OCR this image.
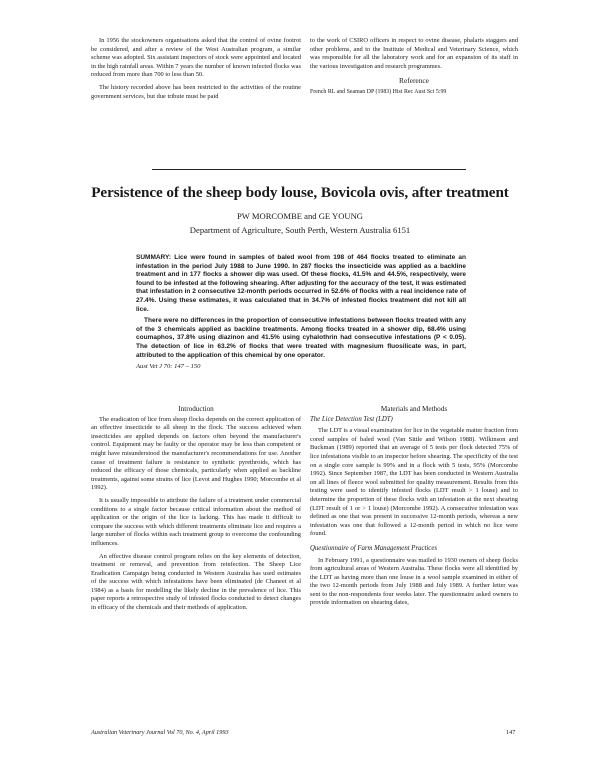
In 1956 the stockowners organisations asked that the control of ovine footrot be considered, and after a review of the West Australian program, a similar scheme was adopted. Six assistant inspectors of stock were appointed and located in the high rainfall areas. Within 7 years the number of known infected flocks was reduced from more than 700 to less than 50.

The history recorded above has been restricted to the activities of the routine government services, but due tribute must be paid

to the work of CSIRO officers in respect to ovine disease, phalaris staggers and other problems, and to the Institute of Medical and Veterinary Science, which was responsible for all the laboratory work and for an expansion of its staff in the various investigation and research programmes.

Reference

French RL and Seaman DP (1983) Hist Rec Aust Sci 5:99

Persistence of the sheep body louse, Bovicola ovis, after treatment
PW MORCOMBE and GE YOUNG
Department of Agriculture, South Perth, Western Australia 6151

SUMMARY: Lice were found in samples of baled wool from 198 of 464 flocks treated to eliminate an infestation in the period July 1988 to June 1990. In 287 flocks the insecticide was applied as a backline treatment and in 177 flocks a shower dip was used. Of these flocks, 41.5% and 44.5%, respectively, were found to be infested at the following shearing. After adjusting for the accuracy of the test, it was estimated that infestation in 2 consecutive 12-month periods occurred in 52.6% of flocks with a real incidence rate of 27.4%. Using these estimates, it was calculated that in 34.7% of infested flocks treatment did not kill all lice.

There were no differences in the proportion of consecutive infestations between flocks treated with any of the 3 chemicals applied as backline treatments. Among flocks treated in a shower dip, 68.4% using coumaphos, 37.8% using diazinon and 41.5% using cyhalothrin had consecutive infestations (P < 0.05). The detection of lice in 63.2% of flocks that were treated with magnesium fluosilicate was, in part, attributed to the application of this chemical by one operator.

Aust Vet J 70: 147 – 150
Introduction

The eradication of lice from sheep flocks depends on the correct application of an effective insecticide to all sheep in the flock. The success achieved when insecticides are applied depends on factors often beyond the manufacturer's control. Equipment may be faulty or the operator may be less than competent or might have misunderstood the manufacturer's recommendations for use. Another cause of treatment failure is resistance to synthetic pyrethroids, which has reduced the efficacy of those chemicals, particularly when applied as backline treatments, against some strains of lice (Levot and Hughes 1990; Morcombe et al 1992).

It is usually impossible to attribute the failure of a treatment under commercial conditions to a single factor because critical information about the method of application or the origin of the lice is lacking. This has made it difficult to compare the success with which different treatments eliminate lice and requires a large number of flocks within each treatment group to overcome the confounding influences.

An effective disease control program relies on the key elements of detection, treatment or removal, and prevention from reinfection. The Sheep Lice Eradication Campaign being conducted in Western Australia has used estimates of the success with which infestations have been eliminated (de Chaneet et al 1984) as a basis for modelling the likely decline in the prevalence of lice. This paper reports a retrospective study of infested flocks conducted to detect changes in efficacy of the chemicals and their methods of application.

Materials and Methods
The Lice Detection Test (LDT)

The LDT is a visual examination for lice in the vegetable matter fraction from cored samples of baled wool (Van Sittle and Wilson 1988). Wilkinson and Buckman (1989) reported that an average of 5 tests per flock detected 75% of lice infestations visible to an inspector before shearing. The specificity of the test on a single core sample is 99% and in a flock with 5 tests, 95% (Morcombe 1992). Since September 1987, the LDT has been conducted in Western Australia on all lines of fleece wool submitted for quality measurement. Results from this testing were used to identify infested flocks (LDT result > 1 louse) and to determine the proportion of these flocks with an infestation at the next shearing (LDT result of 1 or > 1 louse) (Morcombe 1992). A consecutive infestation was defined as one that was present in successive 12-month periods, whereas a new infestation was one that followed a 12-month period in which no lice were found.

Questionnaire of Farm Management Practices

In February 1991, a questionnaire was mailed to 1930 owners of sheep flocks from agricultural areas of Western Australia. These flocks were all identified by the LDT as having more than one louse in a wool sample examined in either of the two 12-month periods from July 1988 and July 1989. A further letter was sent to the non-respondents four weeks later. The questionnaire asked owners to provide information on shearing dates,

Australian Veterinary Journal Vol 70, No. 4, April 1993	147
